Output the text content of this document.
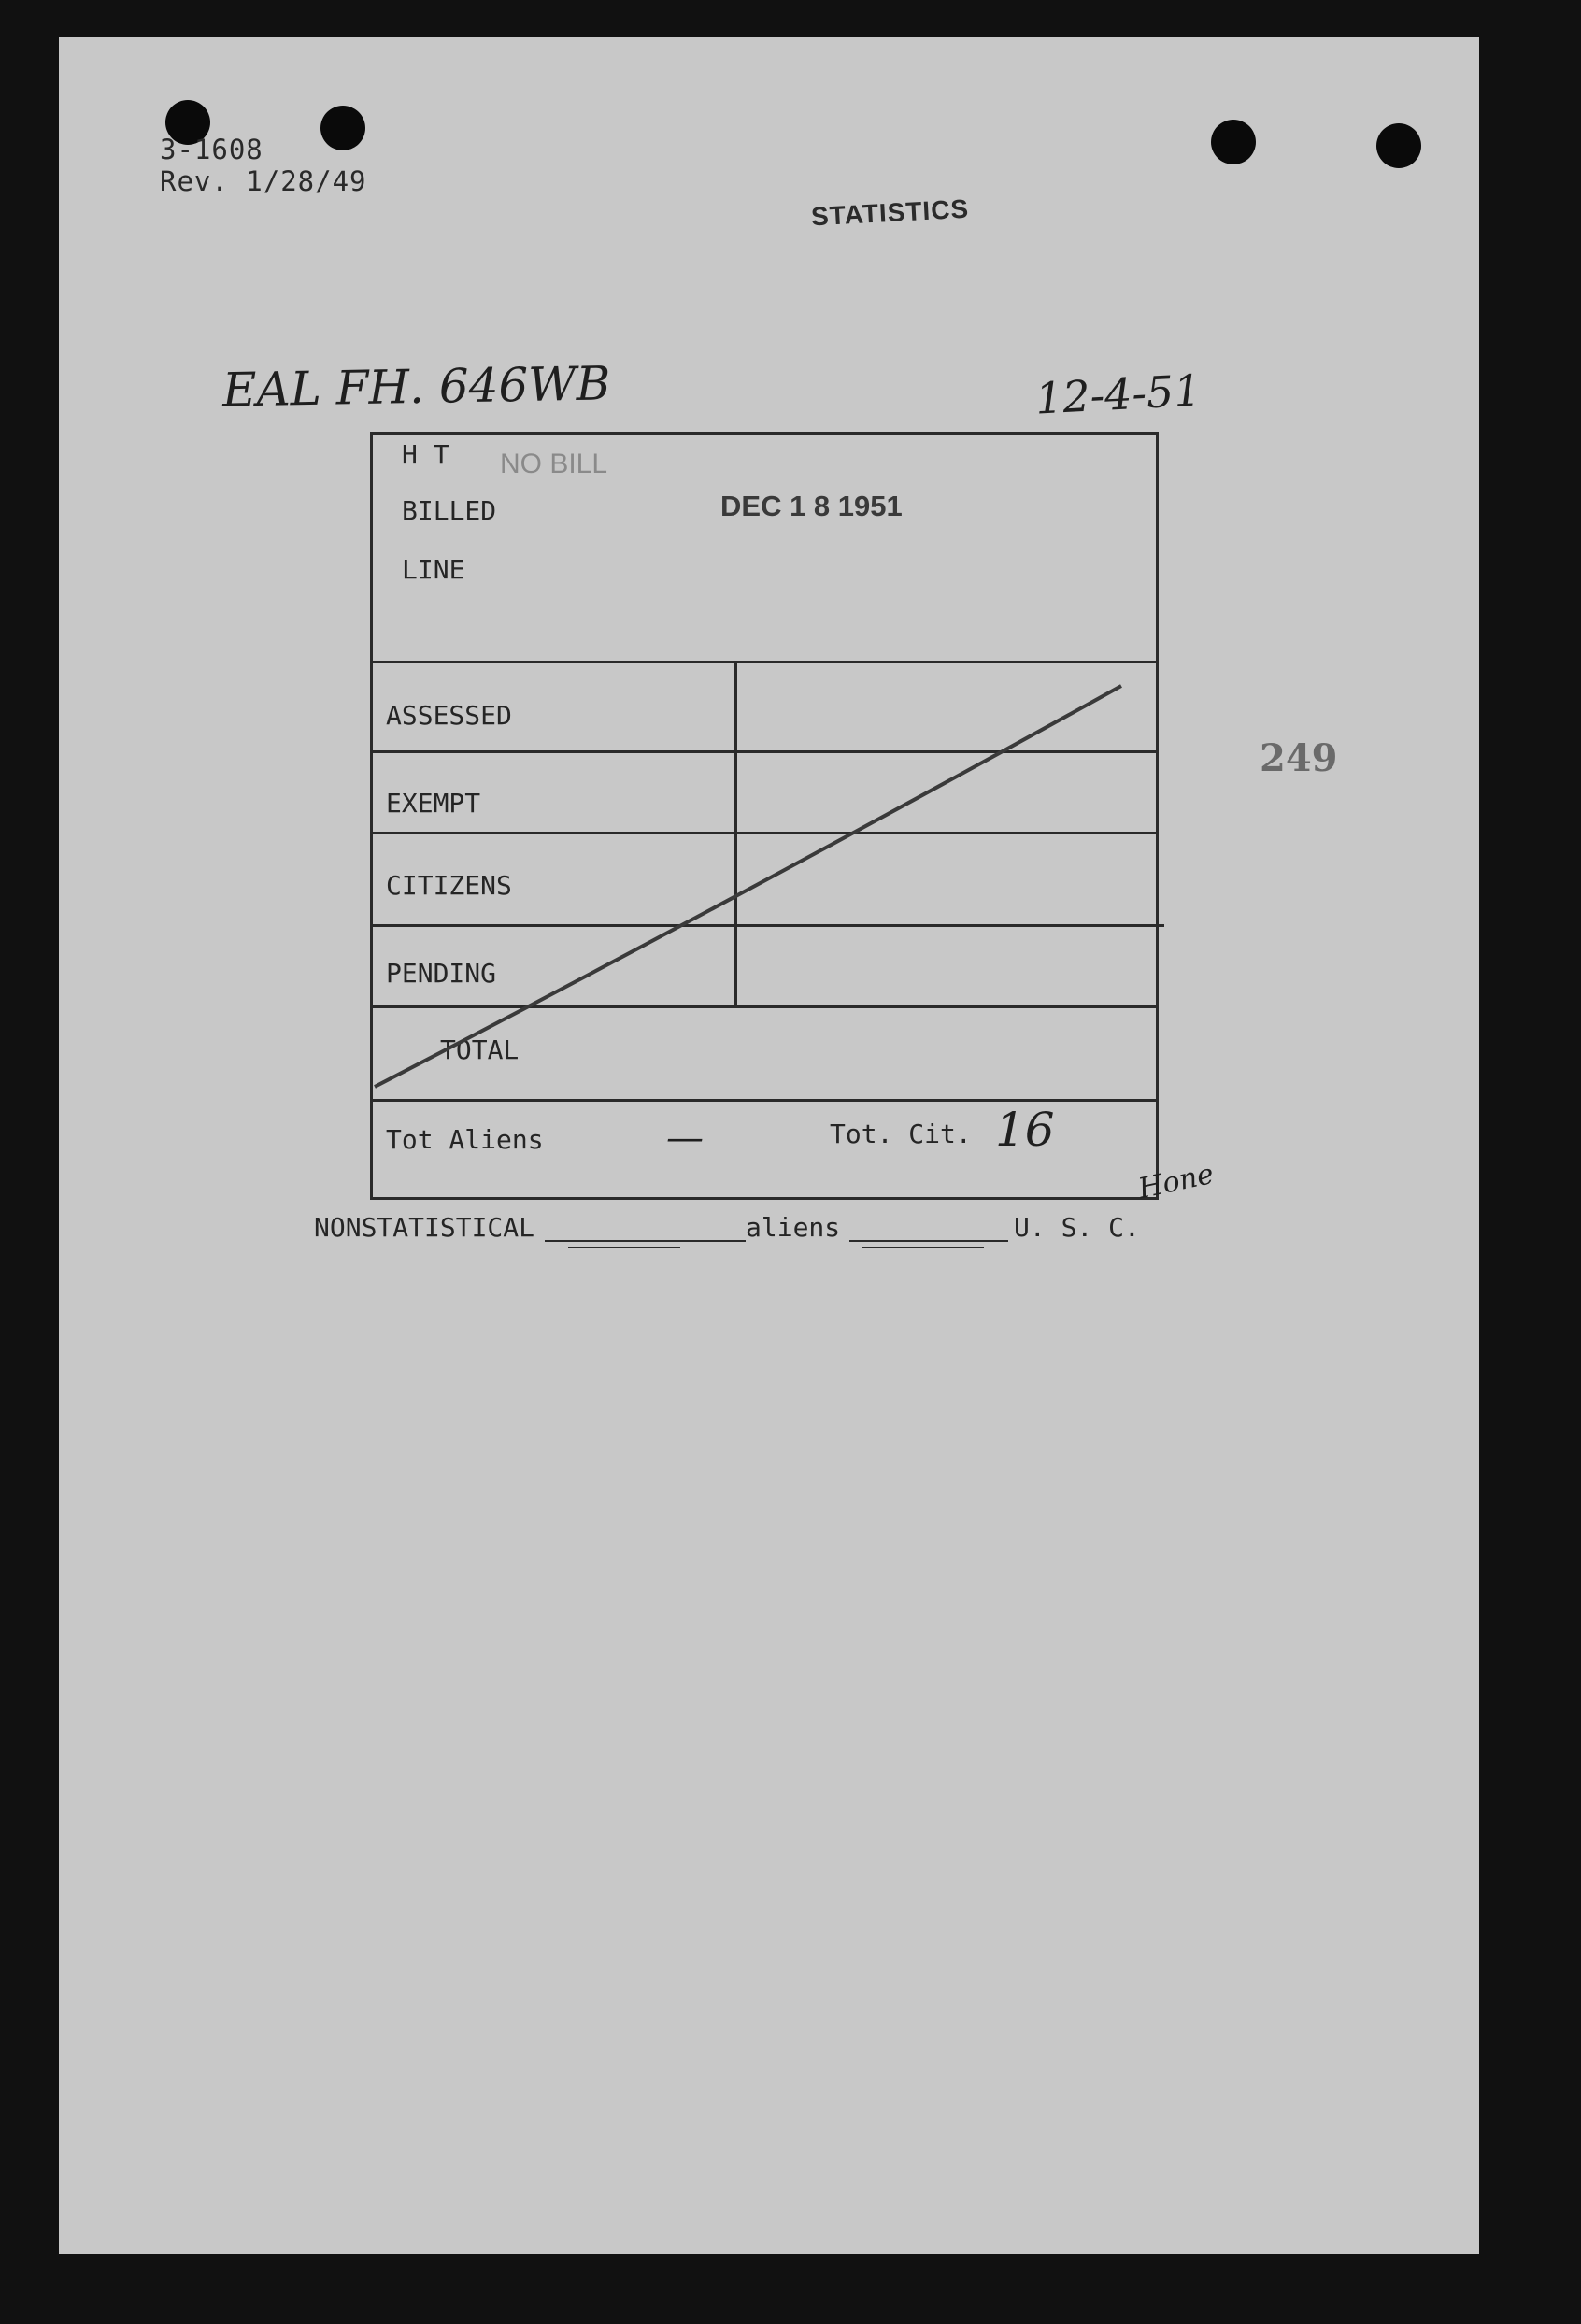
3-1608
Rev. 1/28/49
STATISTICS
EAL FH. 646WB	12-4-51
H T
BILLED
LINE
NO BILL
DEC 1 8 1951
ASSESSED
EXEMPT
CITIZENS
PENDING
TOTAL
Tot Aliens	—	Tot. Cit. 16
249
Hone
NONSTATISTICAL	aliens	U. S. C.
